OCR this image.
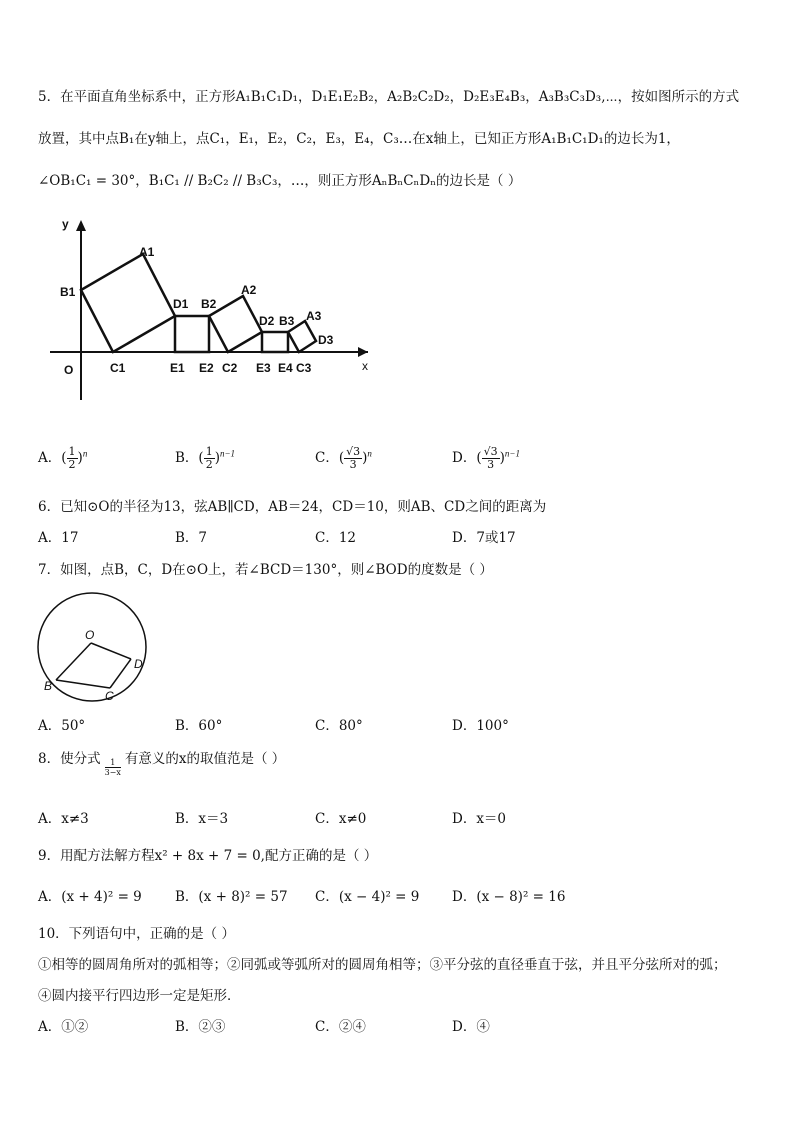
5．在平面直角坐标系中，正方形A₁B₁C₁D₁，D₁E₁E₂B₂，A₂B₂C₂D₂，D₂E₃E₄B₃，A₃B₃C₃D₃,⋯，按如图所示的方式
放置，其中点B₁在y轴上，点C₁，E₁，E₂，C₂，E₃，E₄，C₃…在x轴上，已知正方形A₁B₁C₁D₁的边长为1，
∠OB₁C₁ = 30°，B₁C₁ // B₂C₂ // B₃C₃，…，则正方形AₙBₙCₙDₙ的边长是（ ）
y
x
O
A1
B1
C1
D1 B2
A2
E1 E2 C2
D2 B3 A3
D3
E3 E4 C3
A．( $\frac{1}{2} )^n$	B．( $\frac{1}{2} )^{n-1}$	C．( $\frac{√3}{3} )^n$	D．( $\frac{√3}{3} )^{n-1}$
6．已知⊙O的半径为13，弦AB∥CD，AB＝24，CD＝10，则AB、CD之间的距离为
A．17	B．7	C．12	D．7或17
7．如图，点B，C，D在⊙O上，若∠BCD＝130°，则∠BOD的度数是（ ）
O
B
C
D
A．50°	B．60°	C．80°	D．100°
8．使分式 $\frac{1}{3-x}$ 有意义的x的取值范是（ ）
A．x≠3	B．x＝3	C．x≠0	D．x＝0
9．用配方法解方程x² + 8x + 7 = 0,配方正确的是（ ）
A．(x + 4)² = 9 B．(x + 8)² = 57 C．(x − 4)² = 9 D．(x − 8)² = 16
10．下列语句中，正确的是（ ）
①相等的圆周角所对的弧相等；②同弧或等弧所对的圆周角相等；③平分弦的直径垂直于弦，并且平分弦所对的弧；
④圆内接平行四边形一定是矩形．
A．①②	B．②③	C．②④	D．④
